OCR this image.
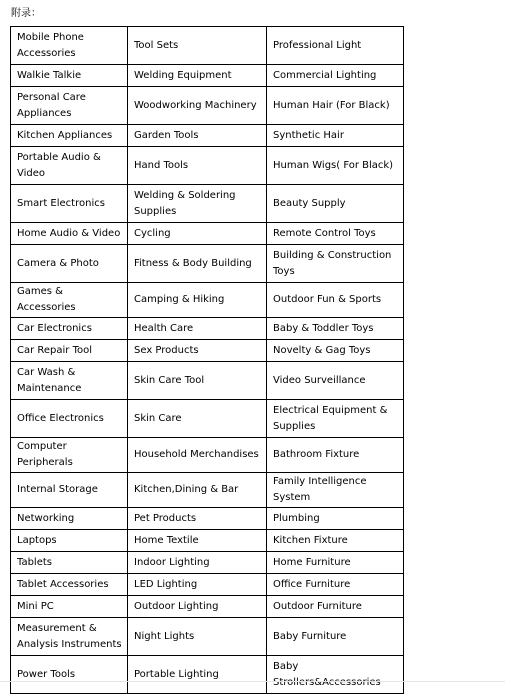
附录：
Mobile Phone Accessories	Tool Sets	Professional Light
Walkie Talkie	Welding Equipment	Commercial Lighting
Personal Care Appliances	Woodworking Machinery	Human Hair (For Black)
Kitchen Appliances	Garden Tools	Synthetic Hair
Portable Audio & Video	Hand Tools	Human Wigs( For Black)
Smart Electronics	Welding & Soldering Supplies	Beauty Supply
Home Audio & Video	Cycling	Remote Control Toys
Camera & Photo	Fitness & Body Building	Building & Construction Toys
Games & Accessories	Camping & Hiking	Outdoor Fun & Sports
Car Electronics	Health Care	Baby & Toddler Toys
Car Repair Tool	Sex Products	Novelty & Gag Toys
Car Wash & Maintenance	Skin Care Tool	Video Surveillance
Office Electronics	Skin Care	Electrical Equipment & Supplies
Computer Peripherals	Household Merchandises	Bathroom Fixture
Internal Storage	Kitchen,Dining & Bar	Family Intelligence System
Networking	Pet Products	Plumbing
Laptops	Home Textile	Kitchen Fixture
Tablets	Indoor Lighting	Home Furniture
Tablet Accessories	LED Lighting	Office Furniture
Mini PC	Outdoor Lighting	Outdoor Furniture
Measurement & Analysis Instruments	Night Lights	Baby Furniture
Power Tools	Portable Lighting	Baby Strollers&Accessories
